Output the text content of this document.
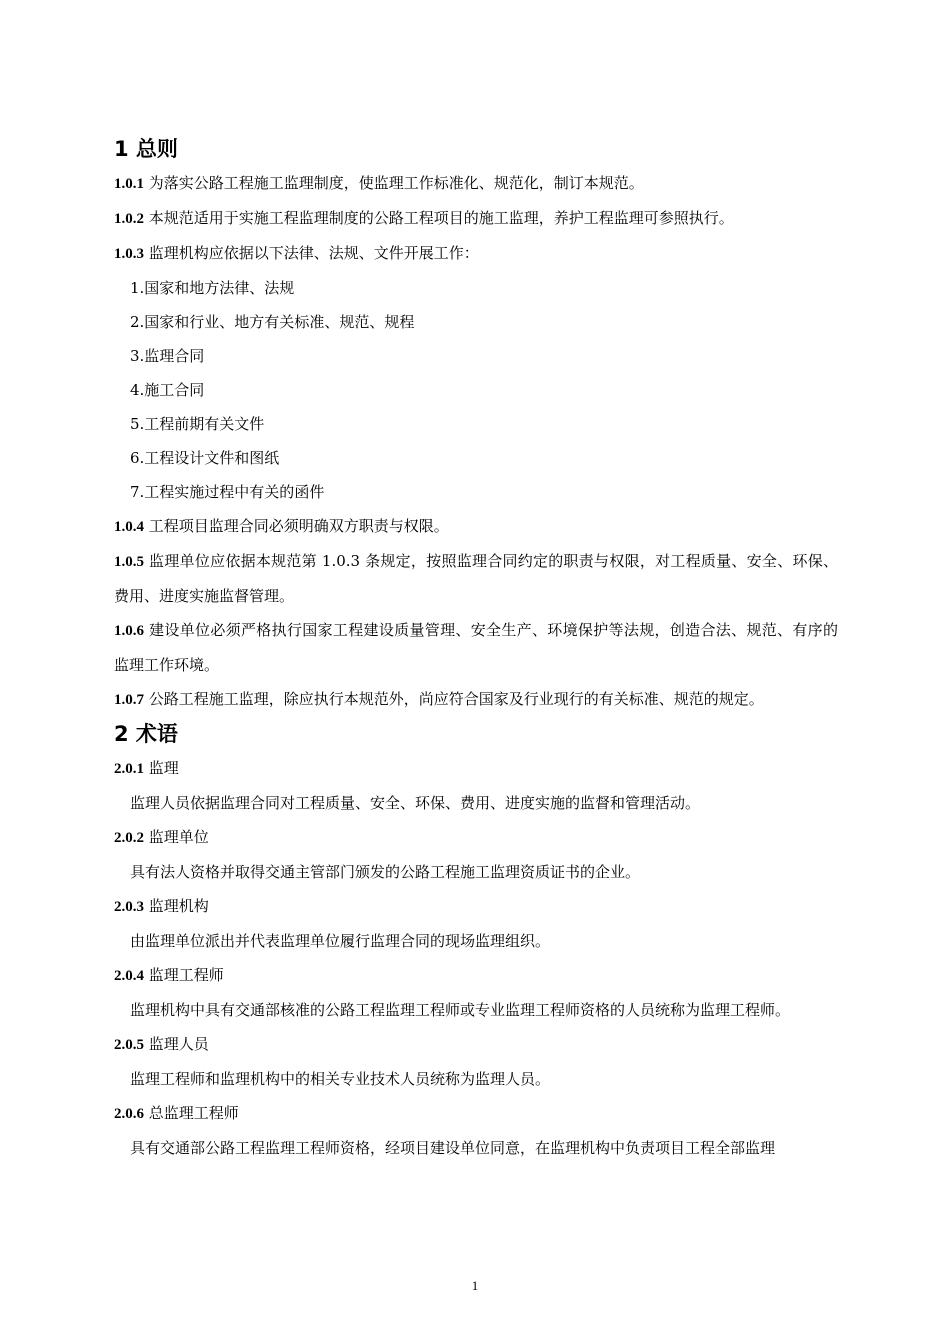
1 总则

1.0.1 为落实公路工程施工监理制度，使监理工作标准化、规范化，制订本规范。

1.0.2 本规范适用于实施工程监理制度的公路工程项目的施工监理，养护工程监理可参照执行。

1.0.3 监理机构应依据以下法律、法规、文件开展工作：

1.国家和地方法律、法规

2.国家和行业、地方有关标准、规范、规程

3.监理合同

4.施工合同

5.工程前期有关文件

6.工程设计文件和图纸

7.工程实施过程中有关的函件

1.0.4 工程项目监理合同必须明确双方职责与权限。

1.0.5 监理单位应依据本规范第 1.0.3 条规定，按照监理合同约定的职责与权限，对工程质量、安全、环保、费用、进度实施监督管理。

1.0.6 建设单位必须严格执行国家工程建设质量管理、安全生产、环境保护等法规，创造合法、规范、有序的监理工作环境。

1.0.7 公路工程施工监理，除应执行本规范外，尚应符合国家及行业现行的有关标准、规范的规定。

2 术语

2.0.1 监理

监理人员依据监理合同对工程质量、安全、环保、费用、进度实施的监督和管理活动。

2.0.2 监理单位

具有法人资格并取得交通主管部门颁发的公路工程施工监理资质证书的企业。

2.0.3 监理机构

由监理单位派出并代表监理单位履行监理合同的现场监理组织。

2.0.4 监理工程师

监理机构中具有交通部核准的公路工程监理工程师或专业监理工程师资格的人员统称为监理工程师。

2.0.5 监理人员

监理工程师和监理机构中的相关专业技术人员统称为监理人员。

2.0.6 总监理工程师

具有交通部公路工程监理工程师资格，经项目建设单位同意，在监理机构中负责项目工程全部监理

1
